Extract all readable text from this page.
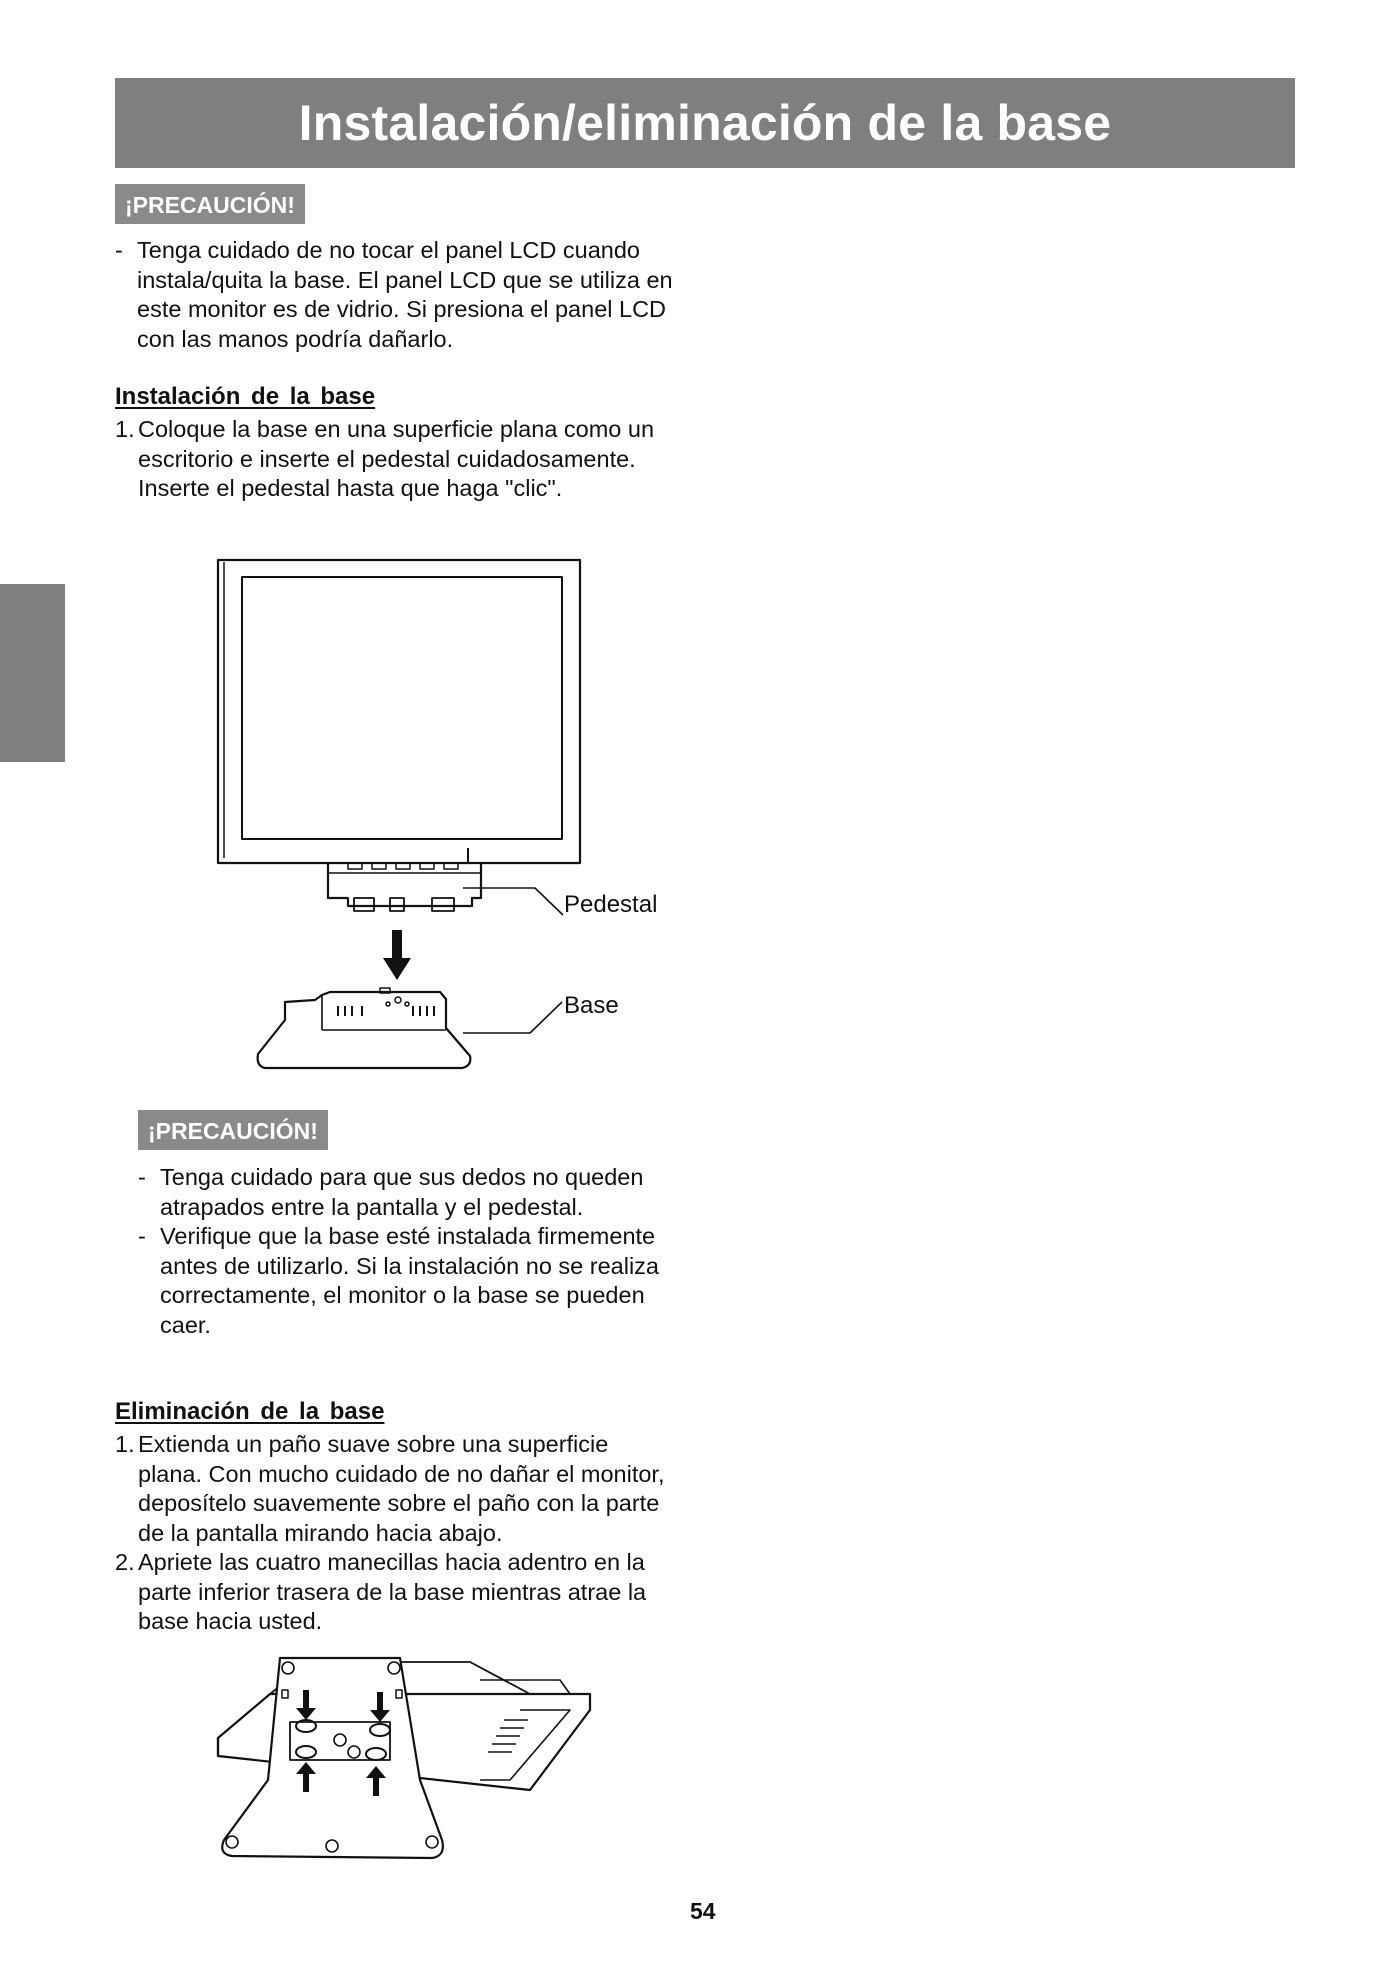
Instalación/eliminación de la base
¡PRECAUCIÓN!
- Tenga cuidado de no tocar el panel LCD cuando instala/quita la base. El panel LCD que se utiliza en este monitor es de vidrio. Si presiona el panel LCD con las manos podría dañarlo.
Instalación de la base
1. Coloque la base en una superficie plana como un escritorio e inserte el pedestal cuidadosamente.
Inserte el pedestal hasta que haga "clic".
Pedestal
Base
¡PRECAUCIÓN!
- Tenga cuidado para que sus dedos no queden atrapados entre la pantalla y el pedestal.
- Verifique que la base esté instalada firmemente antes de utilizarlo. Si la instalación no se realiza correctamente, el monitor o la base se pueden caer.
Eliminación de la base
1. Extienda un paño suave sobre una superficie plana. Con mucho cuidado de no dañar el monitor, deposítelo suavemente sobre el paño con la parte de la pantalla mirando hacia abajo.
2. Apriete las cuatro manecillas hacia adentro en la parte inferior trasera de la base mientras atrae la base hacia usted.
54
